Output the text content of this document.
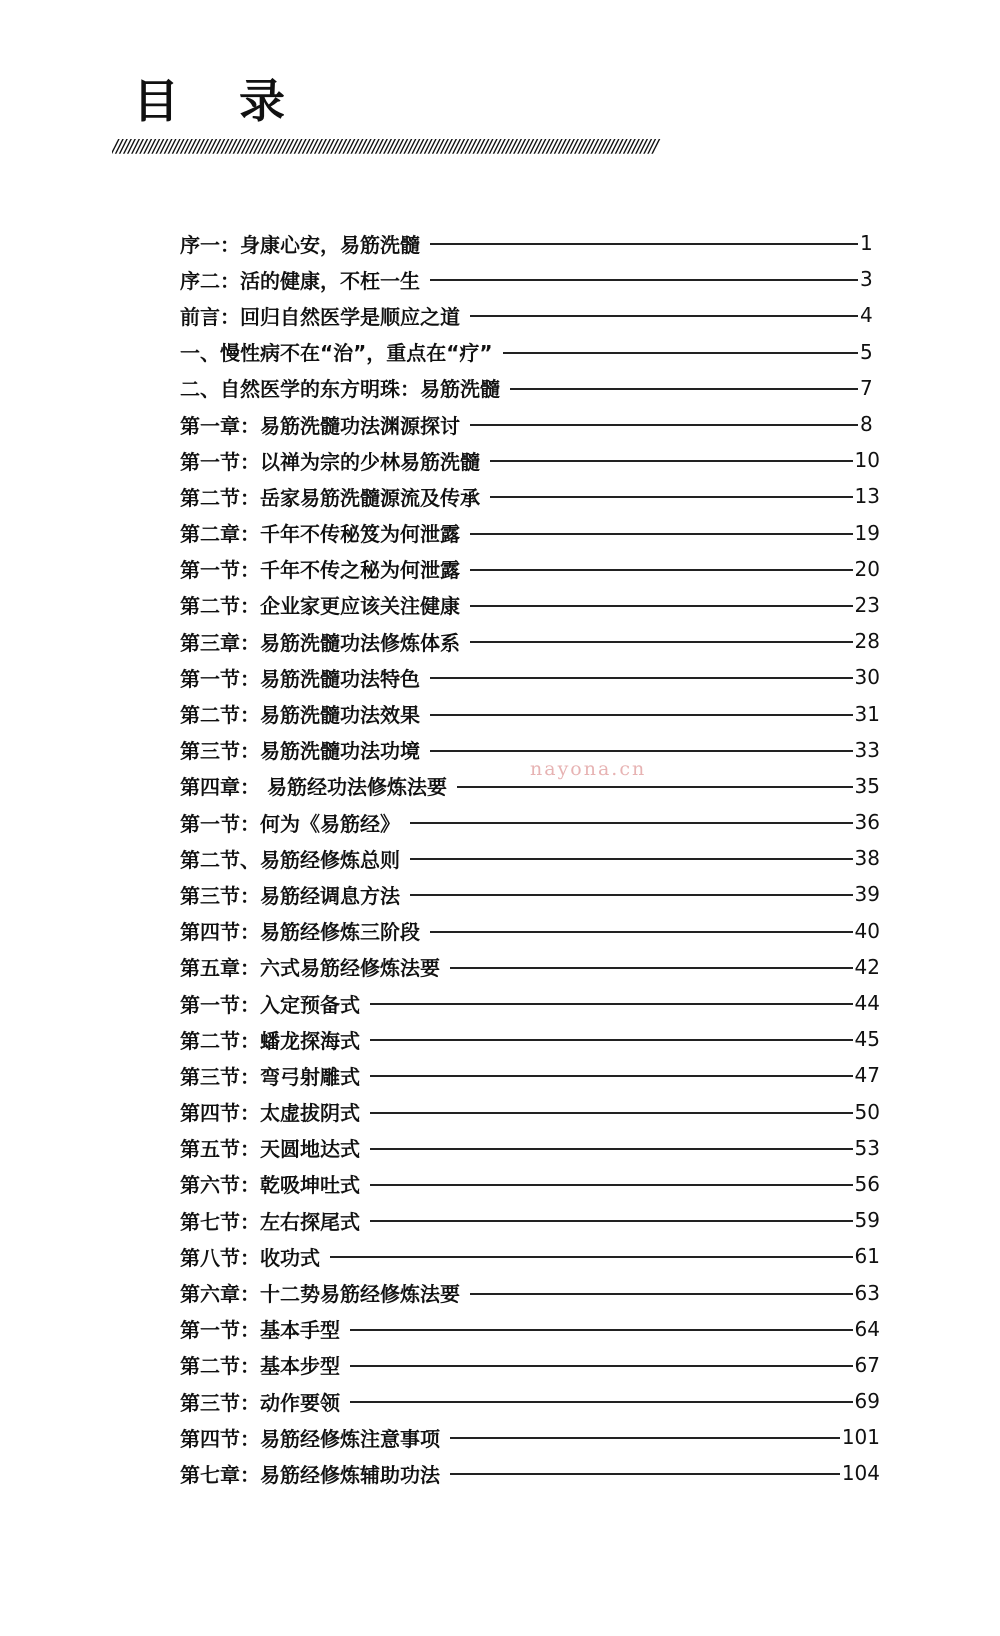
目 录
//////////////////////////////////////////////////////////////////////////////////////////////////////////////////////////////////////
序一：身康心安，易筋洗髓	1
序二：活的健康，不枉一生	3
前言：回归自然医学是顺应之道	4
一、慢性病不在“治”，重点在“疗”	5
二、自然医学的东方明珠：易筋洗髓	7
第一章：易筋洗髓功法渊源探讨	8
第一节：以禅为宗的少林易筋洗髓	10
第二节：岳家易筋洗髓源流及传承	13
第二章：千年不传秘笈为何泄露	19
第一节：千年不传之秘为何泄露	20
第二节：企业家更应该关注健康	23
第三章：易筋洗髓功法修炼体系	28
第一节：易筋洗髓功法特色	30
第二节：易筋洗髓功法效果	31
第三节：易筋洗髓功法功境	33
第四章： 易筋经功法修炼法要	35
第一节：何为《易筋经》	36
第二节、易筋经修炼总则	38
第三节：易筋经调息方法	39
第四节：易筋经修炼三阶段	40
第五章：六式易筋经修炼法要	42
第一节：入定预备式	44
第二节：蟠龙探海式	45
第三节：弯弓射雕式	47
第四节：太虚拔阴式	50
第五节：天圆地达式	53
第六节：乾吸坤吐式	56
第七节：左右探尾式	59
第八节：收功式	61
第六章：十二势易筋经修炼法要	63
第一节：基本手型	64
第二节：基本步型	67
第三节：动作要领	69
第四节：易筋经修炼注意事项	101
第七章：易筋经修炼辅助功法	104
nayona.cn
